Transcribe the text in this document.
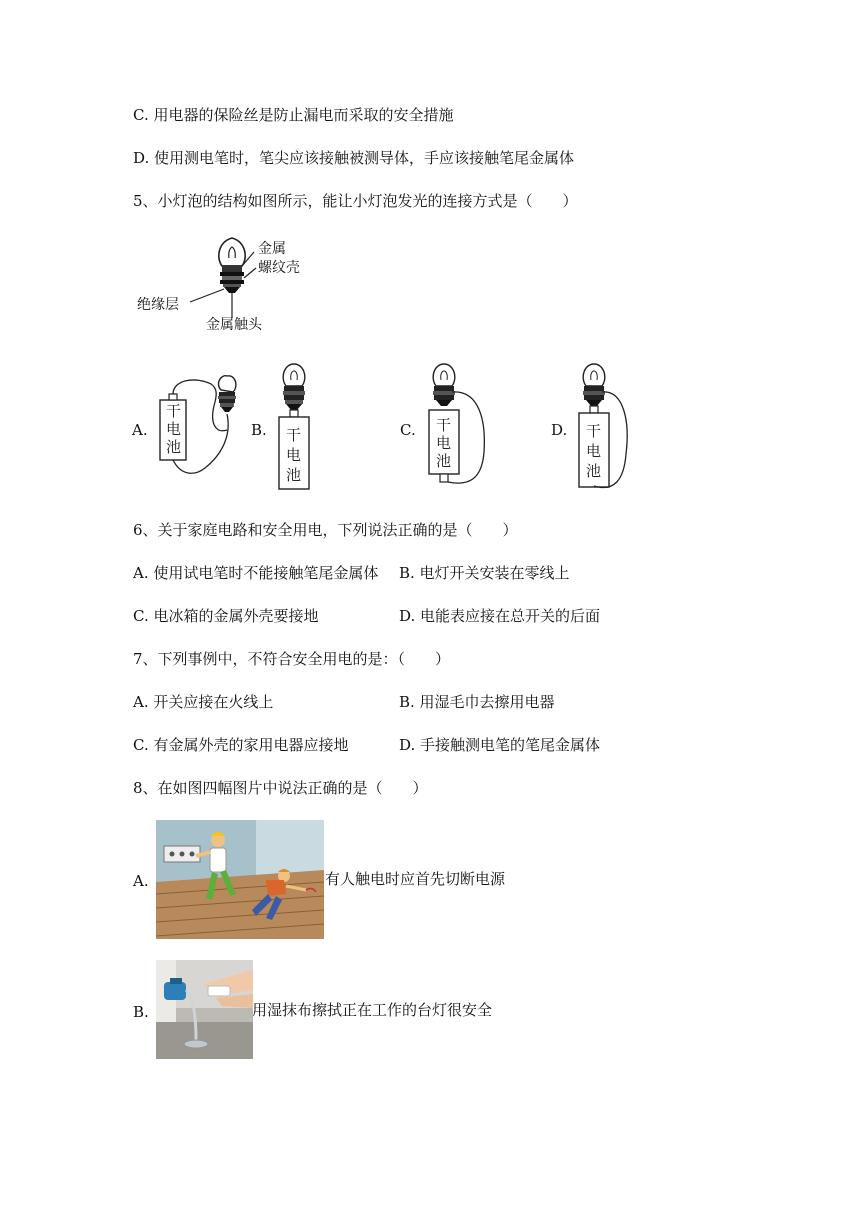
C. 用电器的保险丝是防止漏电而采取的安全措施
D. 使用测电笔时，笔尖应该接触被测导体，手应该接触笔尾金属体
5、小灯泡的结构如图所示，能让小灯泡发光的连接方式是（　　）
金属
螺纹壳
绝缘层
金属触头
A.
干
电
池
B. 干
电
池
C. 干
电
池
D. 干
电
池
6、关于家庭电路和安全用电，下列说法正确的是（　　）
A. 使用试电笔时不能接触笔尾金属体 B. 电灯开关安装在零线上
C. 电冰箱的金属外壳要接地	D. 电能表应接在总开关的后面
7、下列事例中，不符合安全用电的是：（　　）
A. 开关应接在火线上	B. 用湿毛巾去擦用电器
C. 有金属外壳的家用电器应接地	D. 手接触测电笔的笔尾金属体
8、在如图四幅图片中说法正确的是（　　）
A.	有人触电时应首先切断电源
B.	用湿抹布擦拭正在工作的台灯很安全
